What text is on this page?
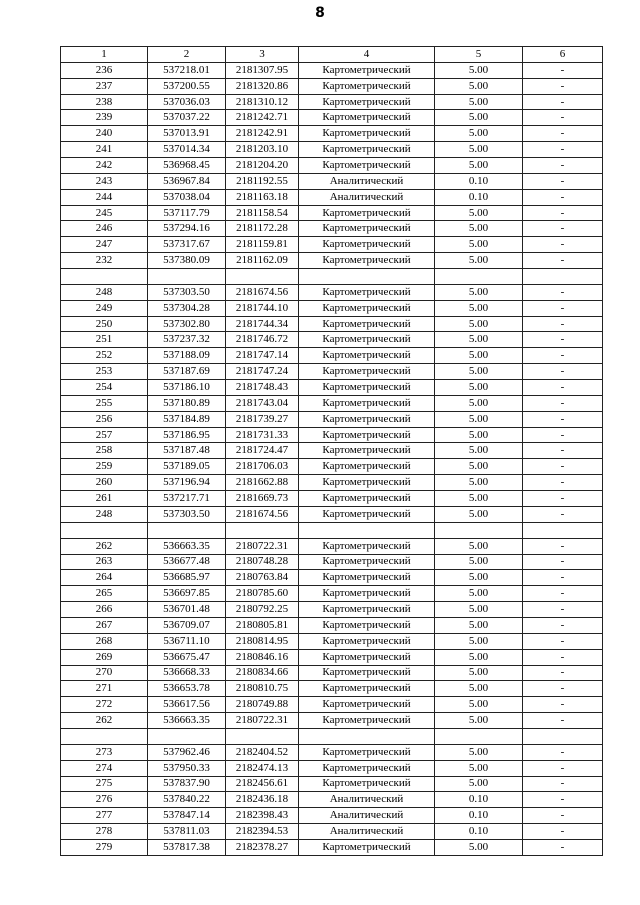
8
1	2	3	4	5	6
236	537218.01	2181307.95	Картометрический	5.00	-
237	537200.55	2181320.86	Картометрический	5.00	-
238	537036.03	2181310.12	Картометрический	5.00	-
239	537037.22	2181242.71	Картометрический	5.00	-
240	537013.91	2181242.91	Картометрический	5.00	-
241	537014.34	2181203.10	Картометрический	5.00	-
242	536968.45	2181204.20	Картометрический	5.00	-
243	536967.84	2181192.55	Аналитический	0.10	-
244	537038.04	2181163.18	Аналитический	0.10	-
245	537117.79	2181158.54	Картометрический	5.00	-
246	537294.16	2181172.28	Картометрический	5.00	-
247	537317.67	2181159.81	Картометрический	5.00	-
232	537380.09	2181162.09	Картометрический	5.00	-

248	537303.50	2181674.56	Картометрический	5.00	-
249	537304.28	2181744.10	Картометрический	5.00	-
250	537302.80	2181744.34	Картометрический	5.00	-
251	537237.32	2181746.72	Картометрический	5.00	-
252	537188.09	2181747.14	Картометрический	5.00	-
253	537187.69	2181747.24	Картометрический	5.00	-
254	537186.10	2181748.43	Картометрический	5.00	-
255	537180.89	2181743.04	Картометрический	5.00	-
256	537184.89	2181739.27	Картометрический	5.00	-
257	537186.95	2181731.33	Картометрический	5.00	-
258	537187.48	2181724.47	Картометрический	5.00	-
259	537189.05	2181706.03	Картометрический	5.00	-
260	537196.94	2181662.88	Картометрический	5.00	-
261	537217.71	2181669.73	Картометрический	5.00	-
248	537303.50	2181674.56	Картометрический	5.00	-

262	536663.35	2180722.31	Картометрический	5.00	-
263	536677.48	2180748.28	Картометрический	5.00	-
264	536685.97	2180763.84	Картометрический	5.00	-
265	536697.85	2180785.60	Картометрический	5.00	-
266	536701.48	2180792.25	Картометрический	5.00	-
267	536709.07	2180805.81	Картометрический	5.00	-
268	536711.10	2180814.95	Картометрический	5.00	-
269	536675.47	2180846.16	Картометрический	5.00	-
270	536668.33	2180834.66	Картометрический	5.00	-
271	536653.78	2180810.75	Картометрический	5.00	-
272	536617.56	2180749.88	Картометрический	5.00	-
262	536663.35	2180722.31	Картометрический	5.00	-

273	537962.46	2182404.52	Картометрический	5.00	-
274	537950.33	2182474.13	Картометрический	5.00	-
275	537837.90	2182456.61	Картометрический	5.00	-
276	537840.22	2182436.18	Аналитический	0.10	-
277	537847.14	2182398.43	Аналитический	0.10	-
278	537811.03	2182394.53	Аналитический	0.10	-
279	537817.38	2182378.27	Картометрический	5.00	-
